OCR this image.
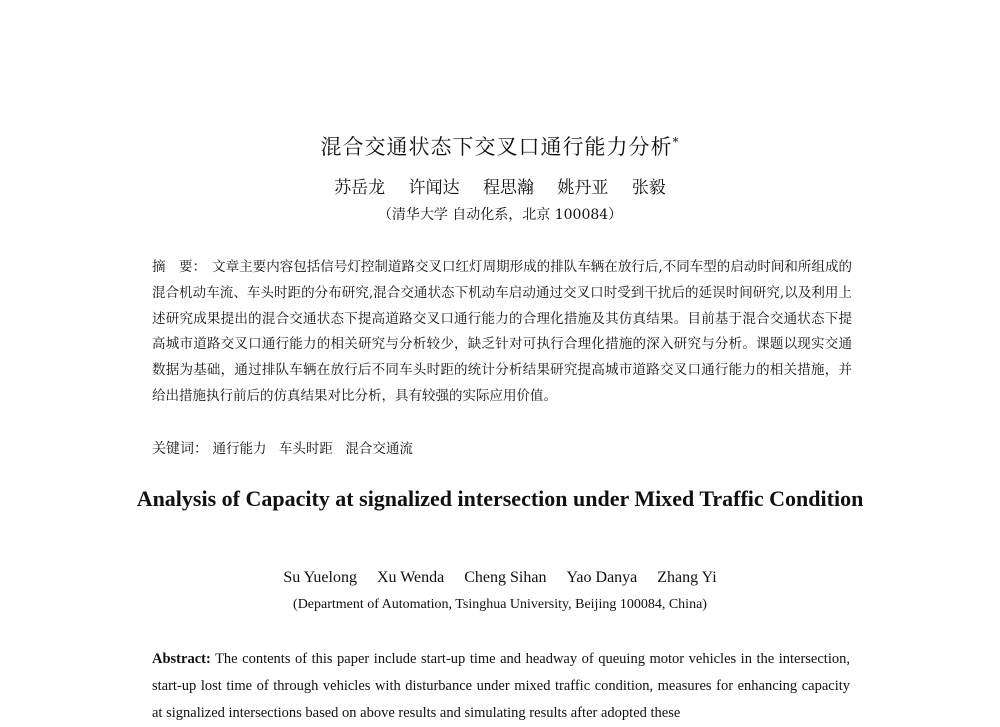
混合交通状态下交叉口通行能力分析*
苏岳龙 许闻达 程思瀚 姚丹亚 张毅
（清华大学 自动化系，北京 100084）
摘　要： 文章主要内容包括信号灯控制道路交叉口红灯周期形成的排队车辆在放行后,不同车型的启动时间和所组成的混合机动车流、车头时距的分布研究,混合交通状态下机动车启动通过交叉口时受到干扰后的延误时间研究,以及利用上述研究成果提出的混合交通状态下提高道路交叉口通行能力的合理化措施及其仿真结果。目前基于混合交通状态下提高城市道路交叉口通行能力的相关研究与分析较少，缺乏针对可执行合理化措施的深入研究与分析。课题以现实交通数据为基础，通过排队车辆在放行后不同车头时距的统计分析结果研究提高城市道路交叉口通行能力的相关措施，并给出措施执行前后的仿真结果对比分析，具有较强的实际应用价值。
关键词： 通行能力 车头时距 混合交通流
Analysis of Capacity at signalized intersection under Mixed Traffic Condition
Su Yuelong Xu Wenda Cheng Sihan Yao Danya Zhang Yi
(Department of Automation, Tsinghua University, Beijing 100084, China)
Abstract: The contents of this paper include start-up time and headway of queuing motor vehicles in the intersection, start-up lost time of through vehicles with disturbance under mixed traffic condition, measures for enhancing capacity at signalized intersections based on above results and simulating results after adopted these
